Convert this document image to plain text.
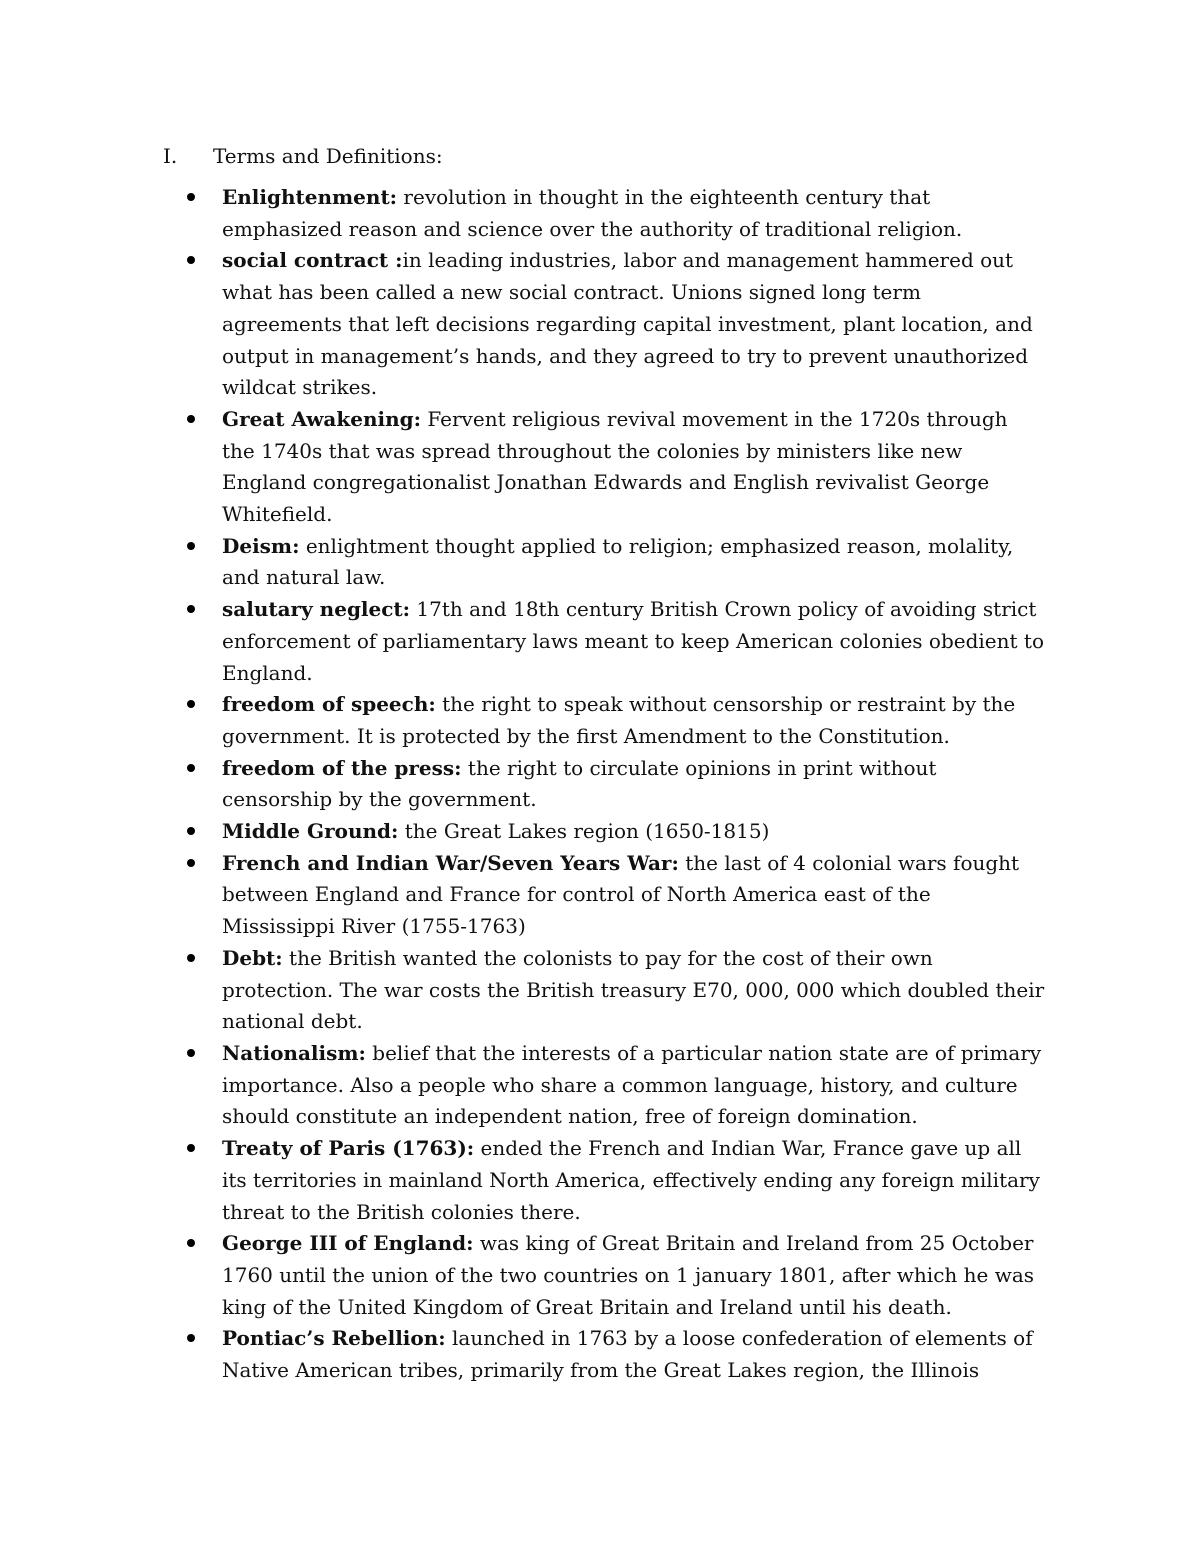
I.	Terms and Definitions:
Enlightenment: revolution in thought in the eighteenth century that emphasized reason and science over the authority of traditional religion.
social contract :in leading industries, labor and management hammered out what has been called a new social contract. Unions signed long term agreements that left decisions regarding capital investment, plant location, and output in management’s hands, and they agreed to try to prevent unauthorized wildcat strikes.
Great Awakening: Fervent religious revival movement in the 1720s through the 1740s that was spread throughout the colonies by ministers like new England congregationalist Jonathan Edwards and English revivalist George Whitefield.
Deism: enlightment thought applied to religion; emphasized reason, molality, and natural law.
salutary neglect: 17th and 18th century British Crown policy of avoiding strict enforcement of parliamentary laws meant to keep American colonies obedient to England.
freedom of speech: the right to speak without censorship or restraint by the government. It is protected by the first Amendment to the Constitution.
freedom of the press: the right to circulate opinions in print without censorship by the government.
Middle Ground: the Great Lakes region (1650-1815)
French and Indian War/Seven Years War: the last of 4 colonial wars fought between England and France for control of North America east of the Mississippi River (1755-1763)
Debt: the British wanted the colonists to pay for the cost of their own protection. The war costs the British treasury E70, 000, 000 which doubled their national debt.
Nationalism: belief that the interests of a particular nation state are of primary importance. Also a people who share a common language, history, and culture should constitute an independent nation, free of foreign domination.
Treaty of Paris (1763): ended the French and Indian War, France gave up all its territories in mainland North America, effectively ending any foreign military threat to the British colonies there.
George III of England: was king of Great Britain and Ireland from 25 October 1760 until the union of the two countries on 1 january 1801, after which he was king of the United Kingdom of Great Britain and Ireland until his death.
Pontiac’s Rebellion: launched in 1763 by a loose confederation of elements of Native American tribes, primarily from the Great Lakes region, the Illinois
